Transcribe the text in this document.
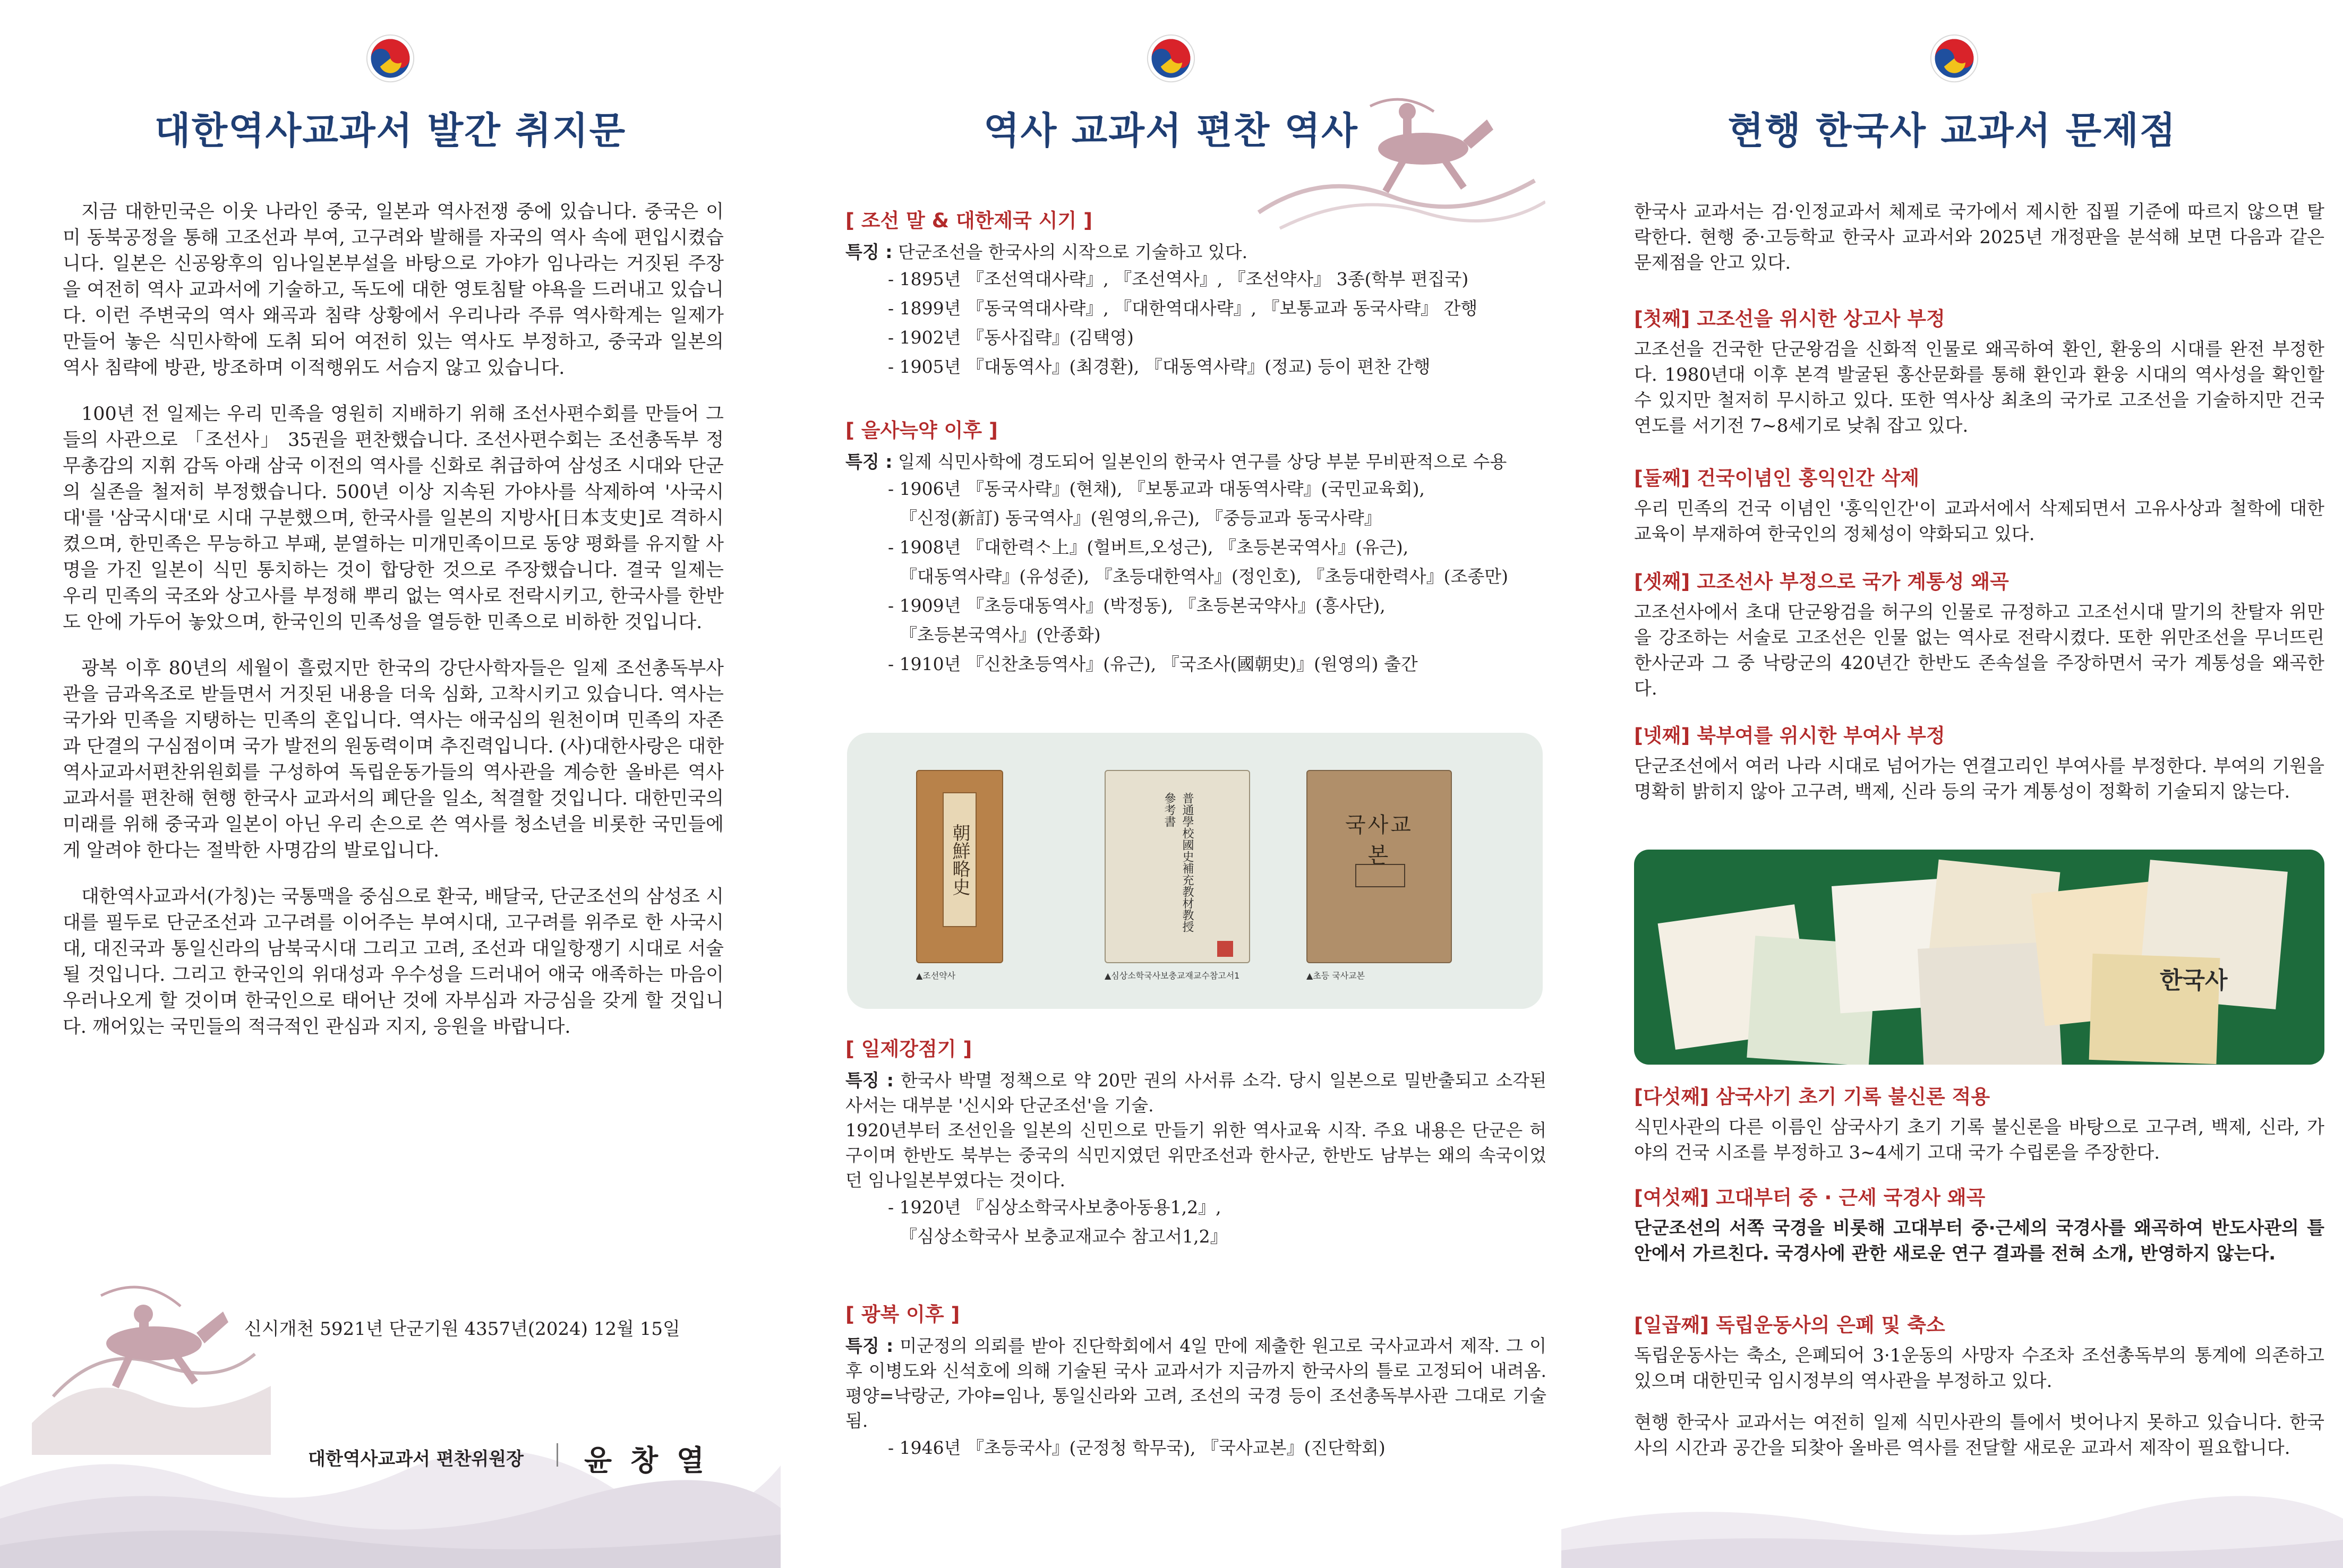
대한역사교과서 발간 취지문

지금 대한민국은 이웃 나라인 중국, 일본과 역사전쟁 중에 있습니다. 중국은 이미 동북공정을 통해 고조선과 부여, 고구려와 발해를 자국의 역사 속에 편입시켰습니다. 일본은 신공왕후의 임나일본부설을 바탕으로 가야가 임나라는 거짓된 주장을 여전히 역사 교과서에 기술하고, 독도에 대한 영토침탈 야욕을 드러내고 있습니다. 이런 주변국의 역사 왜곡과 침략 상황에서 우리나라 주류 역사학계는 일제가 만들어 놓은 식민사학에 도취 되어 여전히 있는 역사도 부정하고, 중국과 일본의 역사 침략에 방관, 방조하며 이적행위도 서슴지 않고 있습니다.

100년 전 일제는 우리 민족을 영원히 지배하기 위해 조선사편수회를 만들어 그들의 사관으로 「조선사」 35권을 편찬했습니다. 조선사편수회는 조선총독부 정무총감의 지휘 감독 아래 삼국 이전의 역사를 신화로 취급하여 삼성조 시대와 단군의 실존을 철저히 부정했습니다. 500년 이상 지속된 가야사를 삭제하여 '사국시대'를 '삼국시대'로 시대 구분했으며, 한국사를 일본의 지방사[日本支史]로 격하시켰으며, 한민족은 무능하고 부패, 분열하는 미개민족이므로 동양 평화를 유지할 사명을 가진 일본이 식민 통치하는 것이 합당한 것으로 주장했습니다. 결국 일제는 우리 민족의 국조와 상고사를 부정해 뿌리 없는 역사로 전락시키고, 한국사를 한반도 안에 가두어 놓았으며, 한국인의 민족성을 열등한 민족으로 비하한 것입니다.

광복 이후 80년의 세월이 흘렀지만 한국의 강단사학자들은 일제 조선총독부사관을 금과옥조로 받들면서 거짓된 내용을 더욱 심화, 고착시키고 있습니다. 역사는 국가와 민족을 지탱하는 민족의 혼입니다. 역사는 애국심의 원천이며 민족의 자존과 단결의 구심점이며 국가 발전의 원동력이며 추진력입니다. (사)대한사랑은 대한역사교과서편찬위원회를 구성하여 독립운동가들의 역사관을 계승한 올바른 역사 교과서를 편찬해 현행 한국사 교과서의 폐단을 일소, 척결할 것입니다. 대한민국의 미래를 위해 중국과 일본이 아닌 우리 손으로 쓴 역사를 청소년을 비롯한 국민들에게 알려야 한다는 절박한 사명감의 발로입니다.

대한역사교과서(가칭)는 국통맥을 중심으로 환국, 배달국, 단군조선의 삼성조 시대를 필두로 단군조선과 고구려를 이어주는 부여시대, 고구려를 위주로 한 사국시대, 대진국과 통일신라의 남북국시대 그리고 고려, 조선과 대일항쟁기 시대로 서술될 것입니다. 그리고 한국인의 위대성과 우수성을 드러내어 애국 애족하는 마음이 우러나오게 할 것이며 한국인으로 태어난 것에 자부심과 자긍심을 갖게 할 것입니다. 깨어있는 국민들의 적극적인 관심과 지지, 응원을 바랍니다.

신시개천 5921년 단군기원 4357년(2024) 12월 15일
대한역사교과서 편찬위원장 윤 창 열
역사 교과서 편찬 역사
[ 조선 말 & 대한제국 시기 ]

특징 : 단군조선을 한국사의 시작으로 기술하고 있다.

- 1895년 『조선역대사략』, 『조선역사』, 『조선약사』 3종(학부 편집국)
- 1899년 『동국역대사략』, 『대한역대사략』, 『보통교과 동국사략』 간행
- 1902년 『동사집략』(김택영)
- 1905년 『대동역사』(최경환), 『대동역사략』(정교) 등이 편찬 간행
[ 을사늑약 이후 ]

특징 : 일제 식민사학에 경도되어 일본인의 한국사 연구를 상당 부분 무비판적으로 수용

- 1906년 『동국사략』(현채), 『보통교과 대동역사략』(국민교육회),
『신정(新訂) 동국역사』(원영의,유근), 『중등교과 동국사략』
- 1908년 『대한력ᄉᆞ上』(헐버트,오성근), 『초등본국역사』(유근),
『대동역사략』(유성준), 『초등대한역사』(정인호), 『초등대한력사』(조종만)
- 1909년 『초등대동역사』(박정동), 『초등본국약사』(흥사단),
『초등본국역사』(안종화)
- 1910년 『신찬초등역사』(유근), 『국조사(國朝史)』(원영의) 출간
朝鮮略史
▲조선약사
普通學校國史補充教材教授參考書
▲심상소학국사보충교재교수참고서1
국사교본
▲초등 국사교본
[ 일제강점기 ]

특징 : 한국사 박멸 정책으로 약 20만 권의 사서류 소각. 당시 일본으로 밀반출되고 소각된 사서는 대부분 '신시와 단군조선'을 기술.

1920년부터 조선인을 일본의 신민으로 만들기 위한 역사교육 시작. 주요 내용은 단군은 허구이며 한반도 북부는 중국의 식민지였던 위만조선과 한사군, 한반도 남부는 왜의 속국이었던 임나일본부였다는 것이다.

- 1920년 『심상소학국사보충아동용1,2』,
『심상소학국사 보충교재교수 참고서1,2』
[ 광복 이후 ]

특징 : 미군정의 의뢰를 받아 진단학회에서 4일 만에 제출한 원고로 국사교과서 제작. 그 이후 이병도와 신석호에 의해 기술된 국사 교과서가 지금까지 한국사의 틀로 고정되어 내려옴. 평양=낙랑군, 가야=임나, 통일신라와 고려, 조선의 국경 등이 조선총독부사관 그대로 기술됨.

- 1946년 『초등국사』(군정청 학무국), 『국사교본』(진단학회)
현행 한국사 교과서 문제점

한국사 교과서는 검·인정교과서 체제로 국가에서 제시한 집필 기준에 따르지 않으면 탈락한다. 현행 중·고등학교 한국사 교과서와 2025년 개정판을 분석해 보면 다음과 같은 문제점을 안고 있다.

[첫째] 고조선을 위시한 상고사 부정

고조선을 건국한 단군왕검을 신화적 인물로 왜곡하여 환인, 환웅의 시대를 완전 부정한다. 1980년대 이후 본격 발굴된 홍산문화를 통해 환인과 환웅 시대의 역사성을 확인할 수 있지만 철저히 무시하고 있다. 또한 역사상 최초의 국가로 고조선을 기술하지만 건국 연도를 서기전 7~8세기로 낮춰 잡고 있다.

[둘째] 건국이념인 홍익인간 삭제

우리 민족의 건국 이념인 '홍익인간'이 교과서에서 삭제되면서 고유사상과 철학에 대한 교육이 부재하여 한국인의 정체성이 약화되고 있다.

[셋째] 고조선사 부정으로 국가 계통성 왜곡

고조선사에서 초대 단군왕검을 허구의 인물로 규정하고 고조선시대 말기의 찬탈자 위만을 강조하는 서술로 고조선은 인물 없는 역사로 전락시켰다. 또한 위만조선을 무너뜨린 한사군과 그 중 낙랑군의 420년간 한반도 존속설을 주장하면서 국가 계통성을 왜곡한다.

[넷째] 북부여를 위시한 부여사 부정

단군조선에서 여러 나라 시대로 넘어가는 연결고리인 부여사를 부정한다. 부여의 기원을 명확히 밝히지 않아 고구려, 백제, 신라 등의 국가 계통성이 정확히 기술되지 않는다.

한국사
[다섯째] 삼국사기 초기 기록 불신론 적용

식민사관의 다른 이름인 삼국사기 초기 기록 불신론을 바탕으로 고구려, 백제, 신라, 가야의 건국 시조를 부정하고 3~4세기 고대 국가 수립론을 주장한다.

[여섯째] 고대부터 중 · 근세 국경사 왜곡

단군조선의 서쪽 국경을 비롯해 고대부터 중·근세의 국경사를 왜곡하여 반도사관의 틀 안에서 가르친다. 국경사에 관한 새로운 연구 결과를 전혀 소개, 반영하지 않는다.

[일곱째] 독립운동사의 은폐 및 축소

독립운동사는 축소, 은폐되어 3·1운동의 사망자 수조차 조선총독부의 통계에 의존하고 있으며 대한민국 임시정부의 역사관을 부정하고 있다.

현행 한국사 교과서는 여전히 일제 식민사관의 틀에서 벗어나지 못하고 있습니다. 한국사의 시간과 공간을 되찾아 올바른 역사를 전달할 새로운 교과서 제작이 필요합니다.
